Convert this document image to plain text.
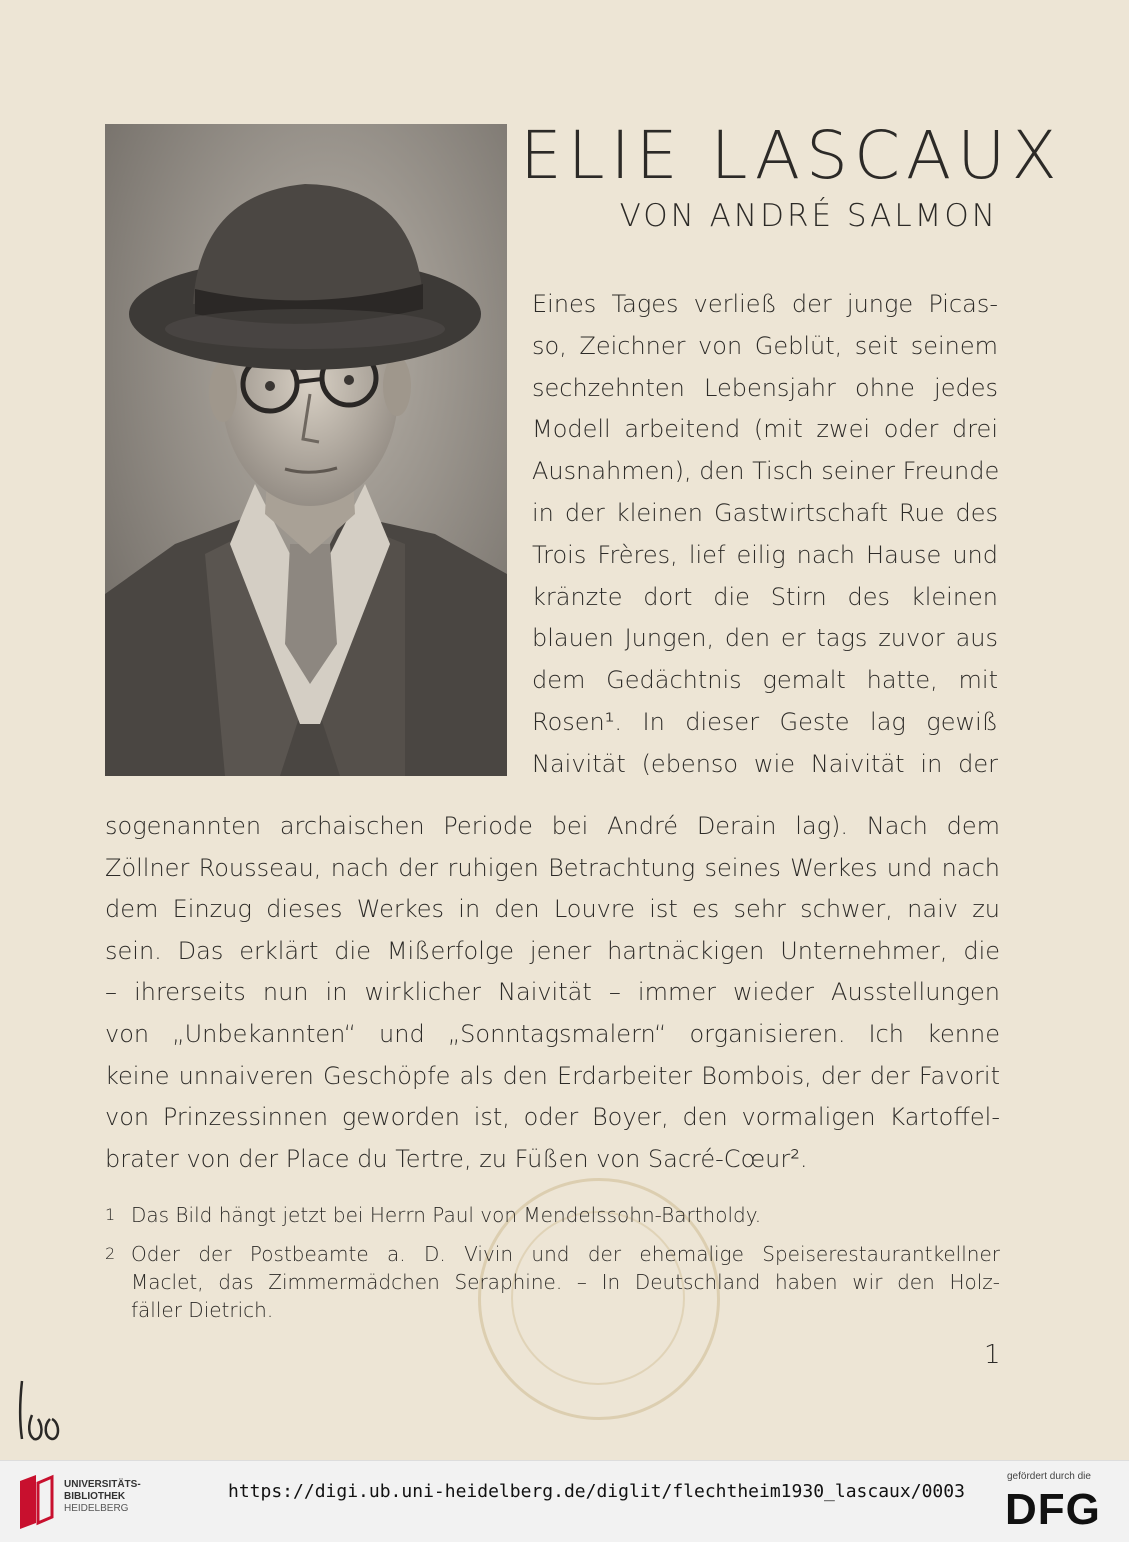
ELIE LASCAUX
VON ANDRÉ SALMON
Eines Tages verließ der junge Picas-
so, Zeichner von Geblüt, seit seinem
sechzehnten Lebensjahr ohne jedes
Modell arbeitend (mit zwei oder drei
Ausnahmen), den Tisch seiner Freunde
in der kleinen Gastwirtschaft Rue des
Trois Frères, lief eilig nach Hause und
kränzte dort die Stirn des kleinen
blauen Jungen, den er tags zuvor aus
dem Gedächtnis gemalt hatte, mit
Rosen¹. In dieser Geste lag gewiß
Naivität (ebenso wie Naivität in der
sogenannten archaischen Periode bei André Derain lag). Nach dem
Zöllner Rousseau, nach der ruhigen Betrachtung seines Werkes und nach
dem Einzug dieses Werkes in den Louvre ist es sehr schwer, naiv zu
sein. Das erklärt die Mißerfolge jener hartnäckigen Unternehmer, die
– ihrerseits nun in wirklicher Naivität – immer wieder Ausstellungen
von „Unbekannten“ und „Sonntagsmalern“ organisieren. Ich kenne
keine unnaiveren Geschöpfe als den Erdarbeiter Bombois, der der Favorit
von Prinzessinnen geworden ist, oder Boyer, den vormaligen Kartoffel-
brater von der Place du Tertre, zu Füßen von Sacré-Cœur².
1 Das Bild hängt jetzt bei Herrn Paul von Mendelssohn-Bartholdy.
2 Oder der Postbeamte a. D. Vivin und der ehemalige Speiserestaurantkellner
Maclet, das Zimmermädchen Seraphine. – In Deutschland haben wir den Holz-
fäller Dietrich.
1
UNIVERSITÄTS-
BIBLIOTHEK
HEIDELBERG
https://digi.ub.uni-heidelberg.de/diglit/flechtheim1930_lascaux/0003
gefördert durch die
DFG
